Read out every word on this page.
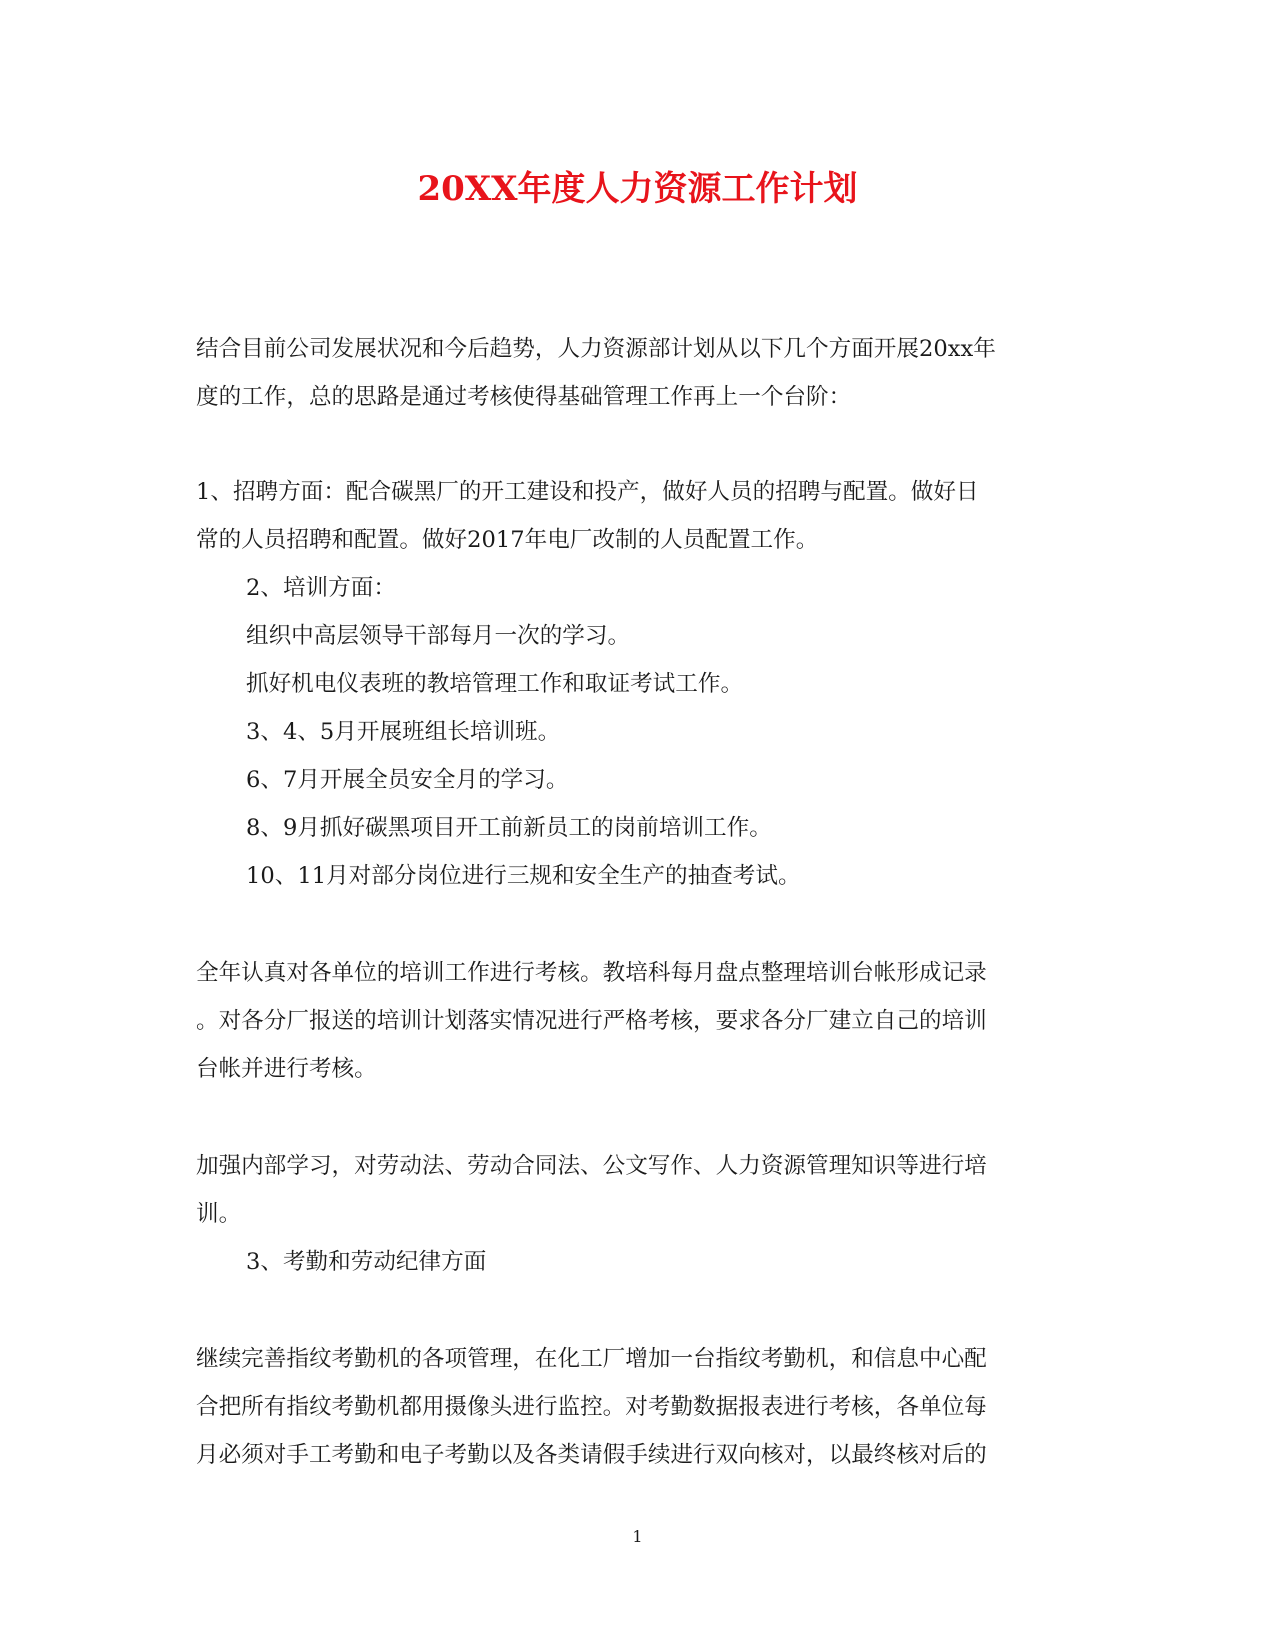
20XX年度人力资源工作计划

结合目前公司发展状况和今后趋势，人力资源部计划从以下几个方面开展20xx年

度的工作，总的思路是通过考核使得基础管理工作再上一个台阶：

1、招聘方面：配合碳黑厂的开工建设和投产，做好人员的招聘与配置。做好日

常的人员招聘和配置。做好2017年电厂改制的人员配置工作。

2、培训方面：

组织中高层领导干部每月一次的学习。

抓好机电仪表班的教培管理工作和取证考试工作。

3、4、5月开展班组长培训班。

6、7月开展全员安全月的学习。

8、9月抓好碳黑项目开工前新员工的岗前培训工作。

10、11月对部分岗位进行三规和安全生产的抽查考试。

全年认真对各单位的培训工作进行考核。教培科每月盘点整理培训台帐形成记录

。对各分厂报送的培训计划落实情况进行严格考核，要求各分厂建立自己的培训

台帐并进行考核。

加强内部学习，对劳动法、劳动合同法、公文写作、人力资源管理知识等进行培

训。

3、考勤和劳动纪律方面

继续完善指纹考勤机的各项管理，在化工厂增加一台指纹考勤机，和信息中心配

合把所有指纹考勤机都用摄像头进行监控。对考勤数据报表进行考核，各单位每

月必须对手工考勤和电子考勤以及各类请假手续进行双向核对，以最终核对后的

1
